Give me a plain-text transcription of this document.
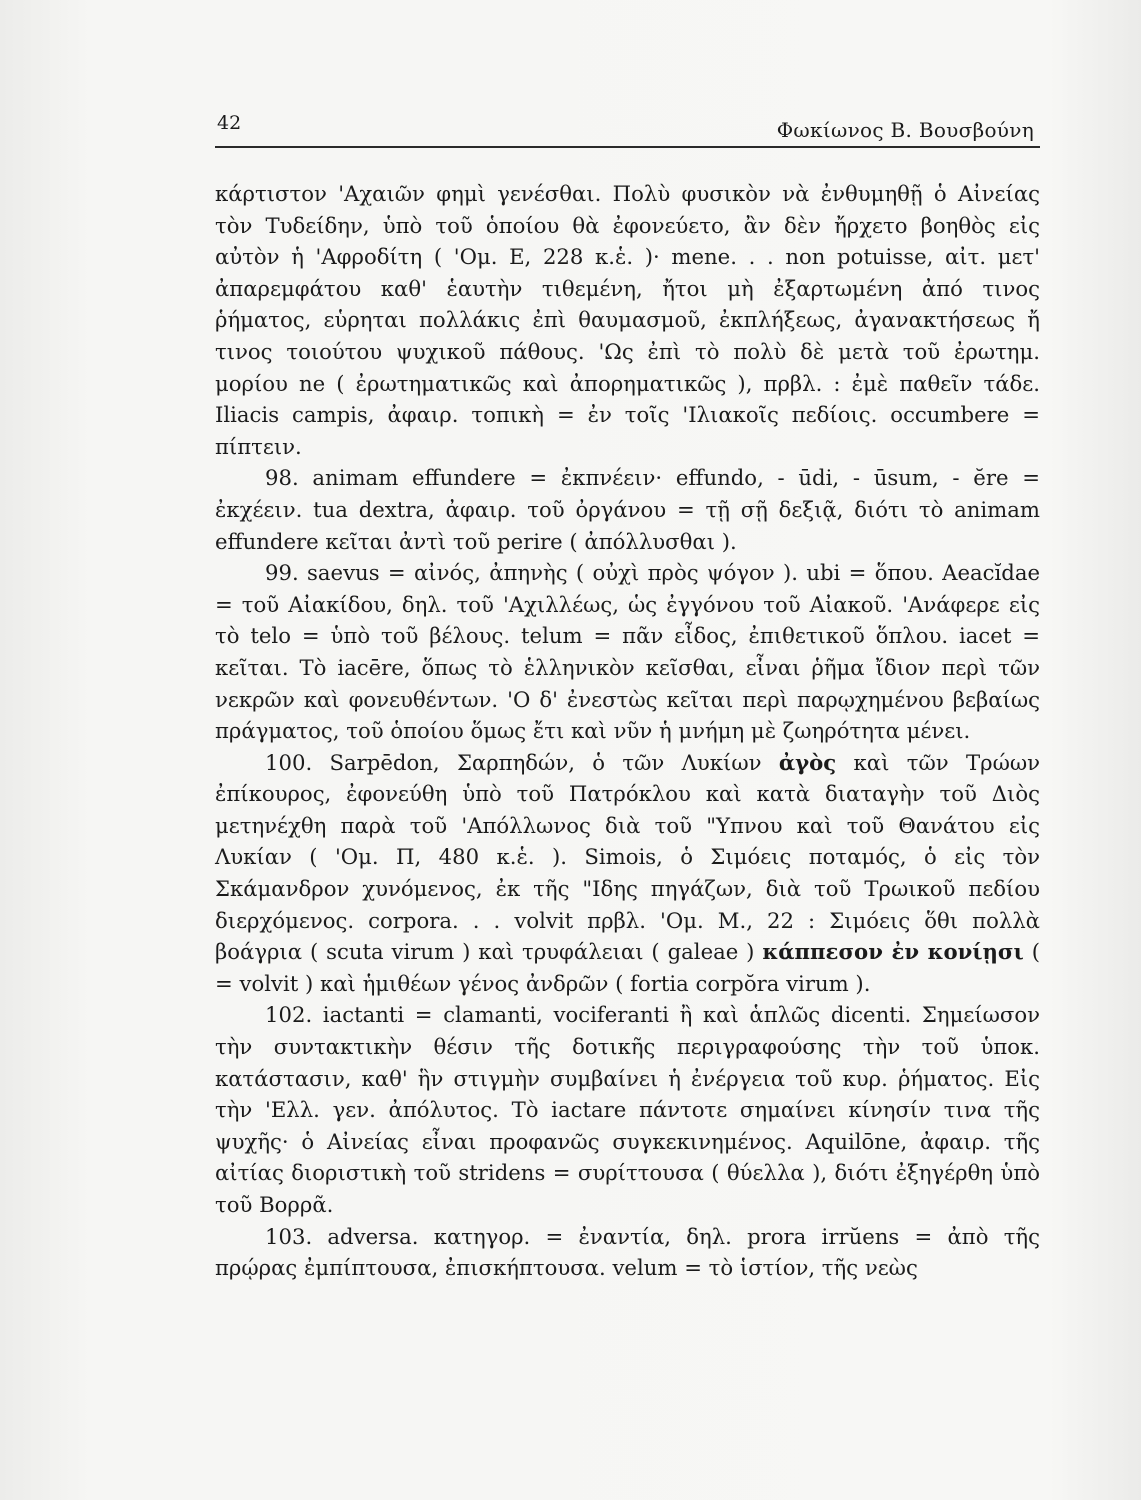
42	Φωκίωνος Β. Βουσβούνη

κάρτιστον 'Αχαιῶν φημὶ γενέσθαι. Πολὺ φυσικὸν νὰ ἐνθυμηθῇ ὁ Αἰνείας τὸν Τυδείδην, ὑπὸ τοῦ ὁποίου θὰ ἐφονεύετο, ἂν δὲν ἤρχετο βοηθὸς εἰς αὐτὸν ἡ 'Αφροδίτη ( 'Ομ. Ε, 228 κ.ἑ. )· mene. . . non potuisse, αἰτ. μετ' ἀπαρεμφάτου καθ' ἑαυτὴν τιθεμένη, ἤτοι μὴ ἐξαρτωμένη ἀπό τινος ῥήματος, εὑρηται πολλάκις ἐπὶ θαυμασμοῦ, ἐκπλήξεως, ἀγανακτήσεως ἤ τινος τοιούτου ψυχικοῦ πάθους. 'Ως ἐπὶ τὸ πολὺ δὲ μετὰ τοῦ ἐρωτημ. μορίου ne ( ἐρωτηματικῶς καὶ ἀπορηματικῶς ), πρβλ. : ἐμὲ παθεῖν τάδε. Iliacis campis, ἀφαιρ. τοπικὴ = ἐν τοῖς 'Ιλιακοῖς πεδίοις. occumbere = πίπτειν.

98. animam effundere = ἐκπνέειν· effundo, - ūdi, - ūsum, - ĕre = ἐκχέειν. tua dextra, ἀφαιρ. τοῦ ὀργάνου = τῇ σῇ δεξιᾷ, διότι τὸ animam effundere κεῖται ἀντὶ τοῦ perire ( ἀπόλλυσθαι ).

99. saevus = αἰνός, ἀπηνὴς ( οὐχὶ πρὸς ψόγον ). ubi = ὅπου. Aeacĭdae = τοῦ Αἰακίδου, δηλ. τοῦ 'Αχιλλέως, ὡς ἐγγόνου τοῦ Αἰακοῦ. 'Ανάφερε εἰς τὸ telo = ὑπὸ τοῦ βέλους. telum = πᾶν εἶδος, ἐπιθετικοῦ ὅπλου. iacet = κεῖται. Τὸ iacēre, ὅπως τὸ ἑλληνικὸν κεῖσθαι, εἶναι ῥῆμα ἴδιον περὶ τῶν νεκρῶν καὶ φονευθέντων. 'Ο δ' ἐνεστὼς κεῖται περὶ παρῳχημένου βεβαίως πράγματος, τοῦ ὁποίου ὅμως ἔτι καὶ νῦν ἡ μνήμη μὲ ζωηρότητα μένει.

100. Sarpēdon, Σαρπηδών, ὁ τῶν Λυκίων ἀγὸς καὶ τῶν Τρώων ἐπίκουρος, ἐφονεύθη ὑπὸ τοῦ Πατρόκλου καὶ κατὰ διαταγὴν τοῦ Διὸς μετηνέχθη παρὰ τοῦ 'Απόλλωνος διὰ τοῦ "Υπνου καὶ τοῦ Θανάτου εἰς Λυκίαν ( 'Ομ. Π, 480 κ.ἑ. ). Simois, ὁ Σιμόεις ποταμός, ὁ εἰς τὸν Σκάμανδρον χυνόμενος, ἐκ τῆς "Ιδης πηγάζων, διὰ τοῦ Τρωικοῦ πεδίου διερχόμενος. corpora. . . volvit πρβλ. 'Ομ. Μ., 22 : Σιμόεις ὅθι πολλὰ βοάγρια ( scuta virum ) καὶ τρυφάλειαι ( galeae ) κάππεσον ἐν κονίῃσι ( = volvit ) καὶ ἡμιθέων γένος ἀνδρῶν ( fortia corpŏra virum ).

102. iactanti = clamanti, vociferanti ἢ καὶ ἁπλῶς dicenti. Σημείωσον τὴν συντακτικὴν θέσιν τῆς δοτικῆς περιγραφούσης τὴν τοῦ ὑποκ. κατάστασιν, καθ' ἣν στιγμὴν συμβαίνει ἡ ἐνέργεια τοῦ κυρ. ῥήματος. Εἰς τὴν 'Ελλ. γεν. ἀπόλυτος. Τὸ iactare πάντοτε σημαίνει κίνησίν τινα τῆς ψυχῆς· ὁ Αἰνείας εἶναι προφανῶς συγκεκινημένος. Aquilōne, ἀφαιρ. τῆς αἰτίας διοριστικὴ τοῦ stridens = συρίττουσα ( θύελλα ), διότι ἐξηγέρθη ὑπὸ τοῦ Βορρᾶ.

103. adversa. κατηγορ. = ἐναντία, δηλ. prora irrŭens = ἀπὸ τῆς πρῴρας ἐμπίπτουσα, ἐπισκήπτουσα. velum = τὸ ἱστίον, τῆς νεὼς
